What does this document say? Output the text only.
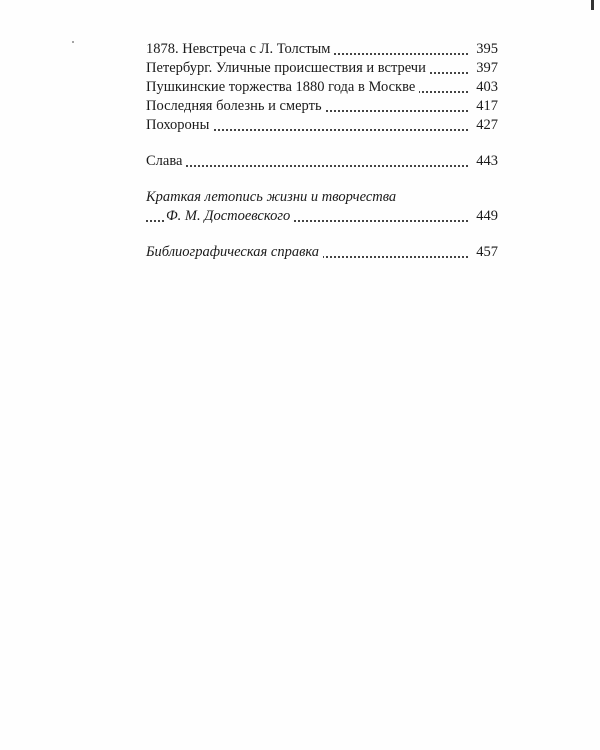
1878. Невстреча с Л. Толстым	395
Петербург. Уличные происшествия и встречи	397
Пушкинские торжества 1880 года в Москве	403
Последняя болезнь и смерть	417
Похороны	427
Слава	443
Краткая летопись жизни и творчества
Ф. М. Достоевского	449
Библиографическая справка	457
